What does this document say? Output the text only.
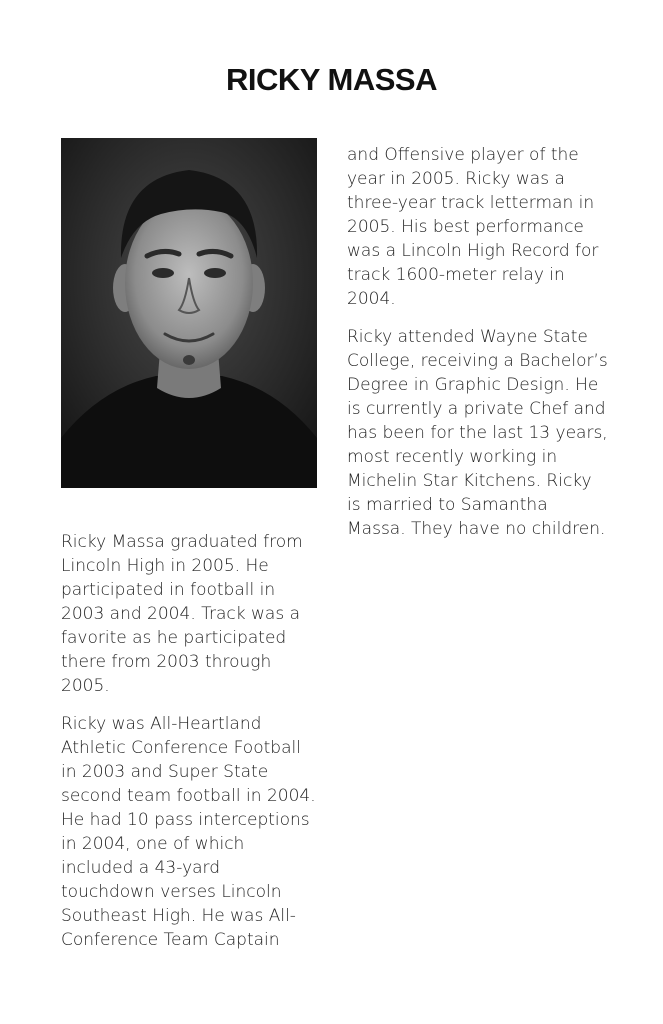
RICKY MASSA

Ricky Massa graduated from Lincoln High in 2005. He participated in football in 2003 and 2004. Track was a favorite as he participated there from 2003 through 2005.

Ricky was All-Heartland Athletic Conference Football in 2003 and Super State second team football in 2004. He had 10 pass interceptions in 2004, one of which included a 43-yard touchdown verses Lincoln Southeast High. He was All-Conference Team Captain

and Offensive player of the year in 2005. Ricky was a three-year track letterman in 2005. His best performance was a Lincoln High Record for track 1600-meter relay in 2004.

Ricky attended Wayne State College, receiving a Bachelor’s Degree in Graphic Design. He is currently a private Chef and has been for the last 13 years, most recently working in Michelin Star Kitchens. Ricky is married to Samantha Massa. They have no children.
